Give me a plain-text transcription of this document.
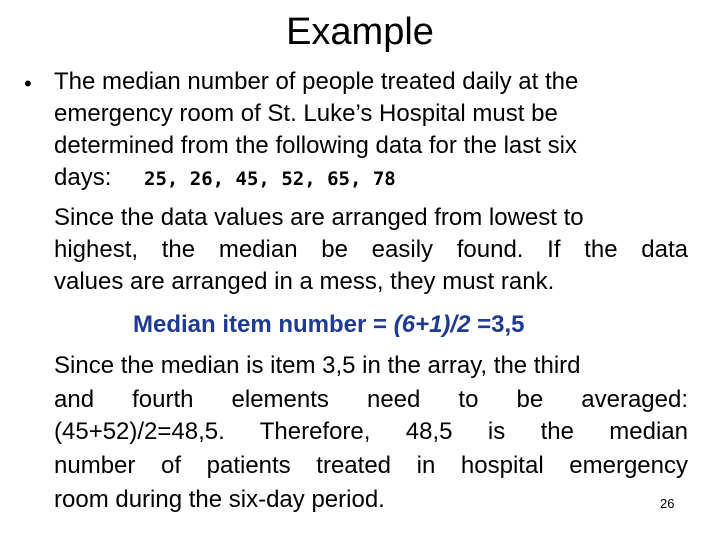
Example
• The median number of people treated daily at the
emergency room of St. Luke’s Hospital must be
determined from the following data for the last six
days: 25, 26, 45, 52, 65, 78
Since the data values are arranged from lowest to
highest, the median be easily found. If the data
values are arranged in a mess, they must rank.
Median item number = (6+1)/2 =3,5
Since the median is item 3,5 in the array, the third
and fourth elements need to be averaged:
(45+52)/2=48,5. Therefore, 48,5 is the median
number of patients treated in hospital emergency
room during the six-day period.	26
